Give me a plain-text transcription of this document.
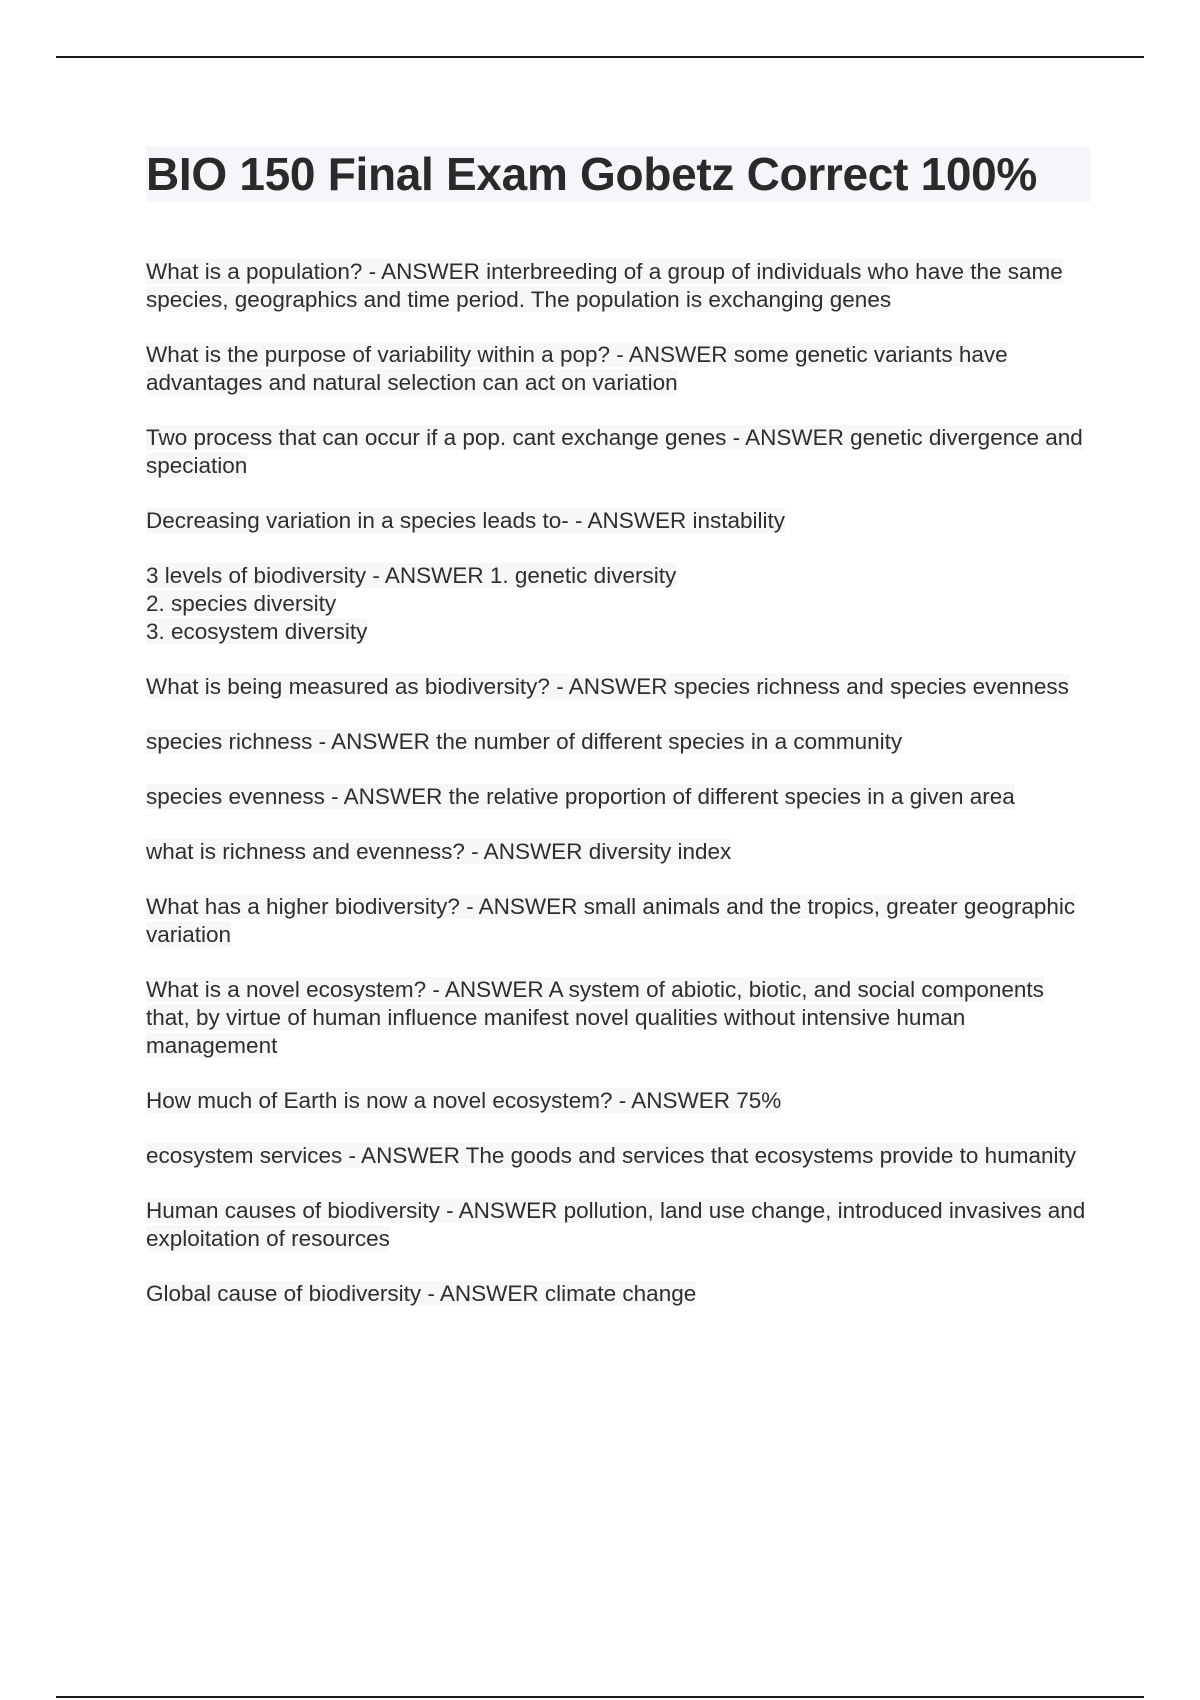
BIO 150 Final Exam Gobetz Correct 100%
What is a population? - ANSWER interbreeding of a group of individuals who have the same species, geographics and time period. The population is exchanging genes
What is the purpose of variability within a pop? - ANSWER some genetic variants have advantages and natural selection can act on variation
Two process that can occur if a pop. cant exchange genes - ANSWER genetic divergence and speciation
Decreasing variation in a species leads to- - ANSWER instability
3 levels of biodiversity - ANSWER 1. genetic diversity
2. species diversity
3. ecosystem diversity
What is being measured as biodiversity? - ANSWER species richness and species evenness
species richness - ANSWER the number of different species in a community
species evenness - ANSWER the relative proportion of different species in a given area
what is richness and evenness? - ANSWER diversity index
What has a higher biodiversity? - ANSWER small animals and the tropics, greater geographic variation
What is a novel ecosystem? - ANSWER A system of abiotic, biotic, and social components that, by virtue of human influence manifest novel qualities without intensive human management
How much of Earth is now a novel ecosystem? - ANSWER 75%
ecosystem services - ANSWER The goods and services that ecosystems provide to humanity
Human causes of biodiversity - ANSWER pollution, land use change, introduced invasives and exploitation of resources
Global cause of biodiversity - ANSWER climate change
